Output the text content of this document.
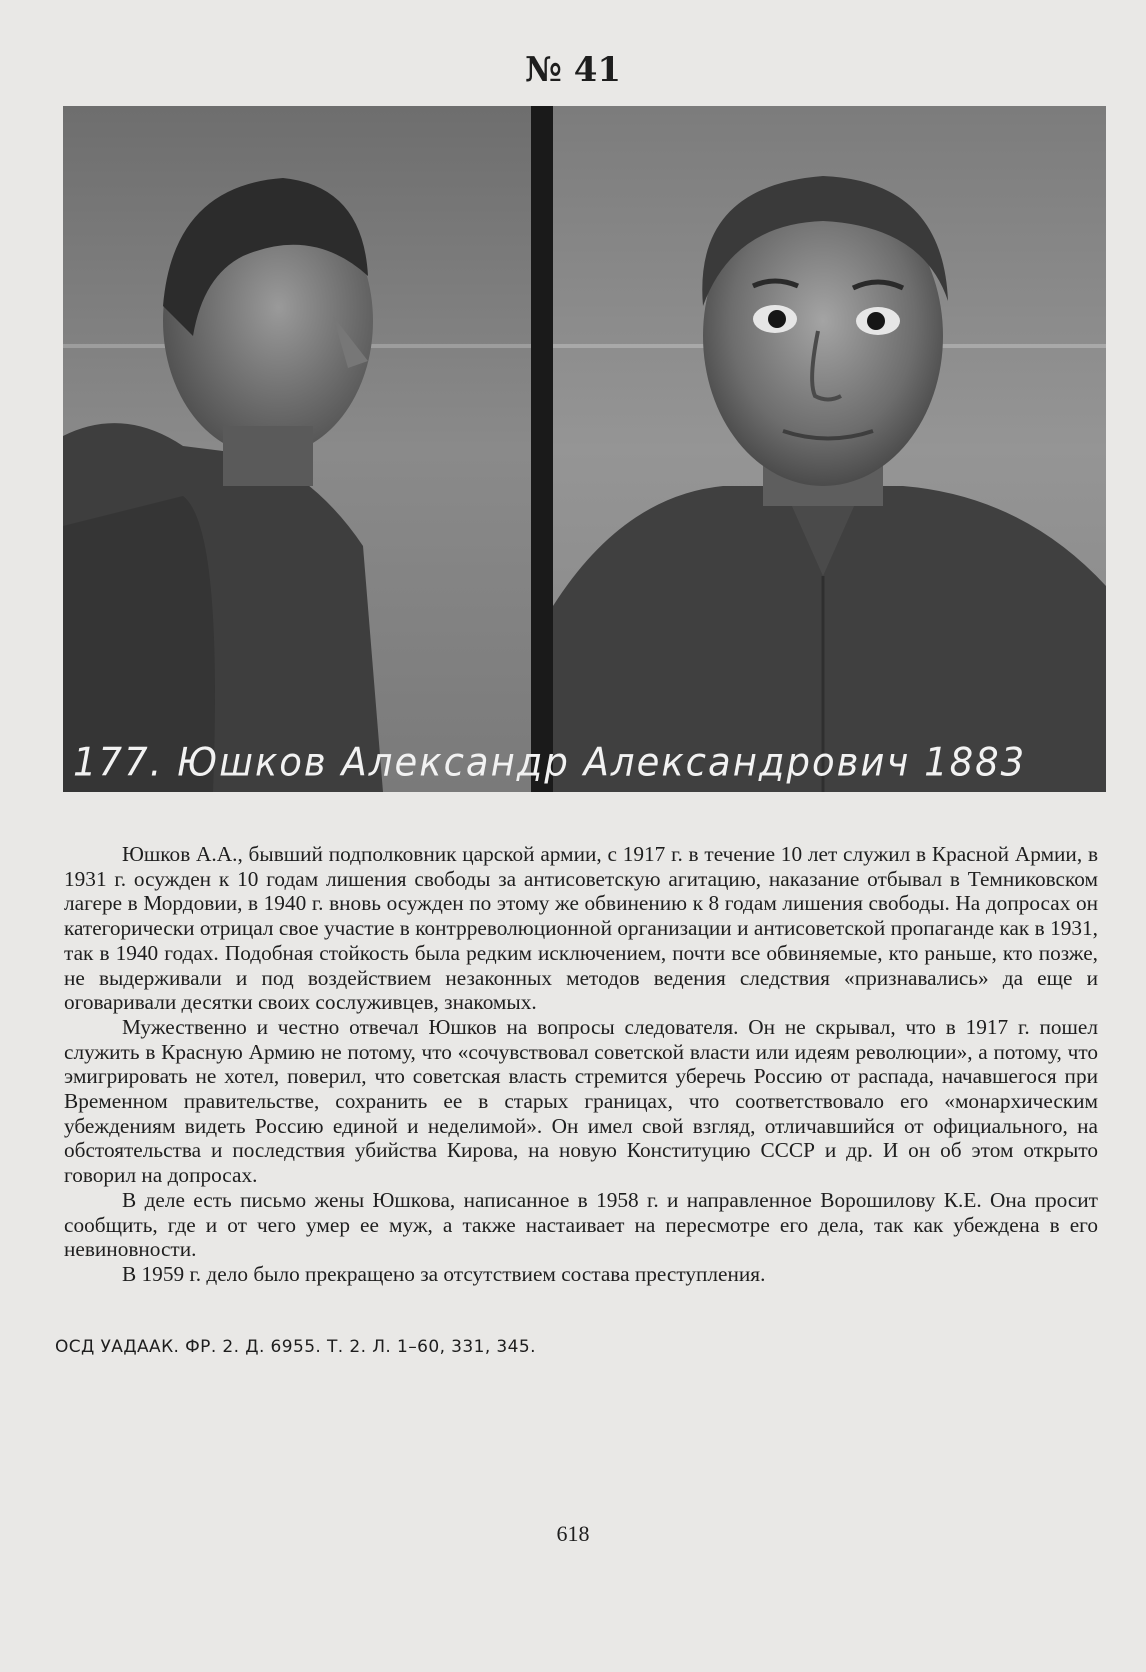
№ 41
177. Юшков Александр Александрович 1883

Юшков А.А., бывший подполковник царской армии, с 1917 г. в течение 10 лет служил в Красной Армии, в 1931 г. осужден к 10 годам лишения свободы за антисоветскую агитацию, наказание отбывал в Темниковском лагере в Мордовии, в 1940 г. вновь осужден по этому же обвинению к 8 годам лишения свободы. На допросах он категорически отрицал свое участие в контрреволюционной организации и антисоветской пропаганде как в 1931, так в 1940 годах. Подобная стойкость была редким исключением, почти все обвиняемые, кто раньше, кто позже, не выдерживали и под воздействием незаконных методов ведения следствия «признавались» да еще и оговаривали десятки своих сослуживцев, знакомых.

Мужественно и честно отвечал Юшков на вопросы следователя. Он не скрывал, что в 1917 г. пошел служить в Красную Армию не потому, что «сочувствовал советской власти или идеям революции», а потому, что эмигрировать не хотел, поверил, что советская власть стремится уберечь Россию от распада, начавшегося при Временном правительстве, сохранить ее в старых границах, что соответствовало его «монархическим убеждениям видеть Россию единой и неделимой». Он имел свой взгляд, отличавшийся от официального, на обстоятельства и последствия убийства Кирова, на новую Конституцию СССР и др. И он об этом открыто говорил на допросах.

В деле есть письмо жены Юшкова, написанное в 1958 г. и направленное Ворошилову К.Е. Она просит сообщить, где и от чего умер ее муж, а также настаивает на пересмотре его дела, так как убеждена в его невиновности.

В 1959 г. дело было прекращено за отсутствием состава преступления.

ОСД УАДААК. ФР. 2. Д. 6955. Т. 2. Л. 1–60, 331, 345.
618
